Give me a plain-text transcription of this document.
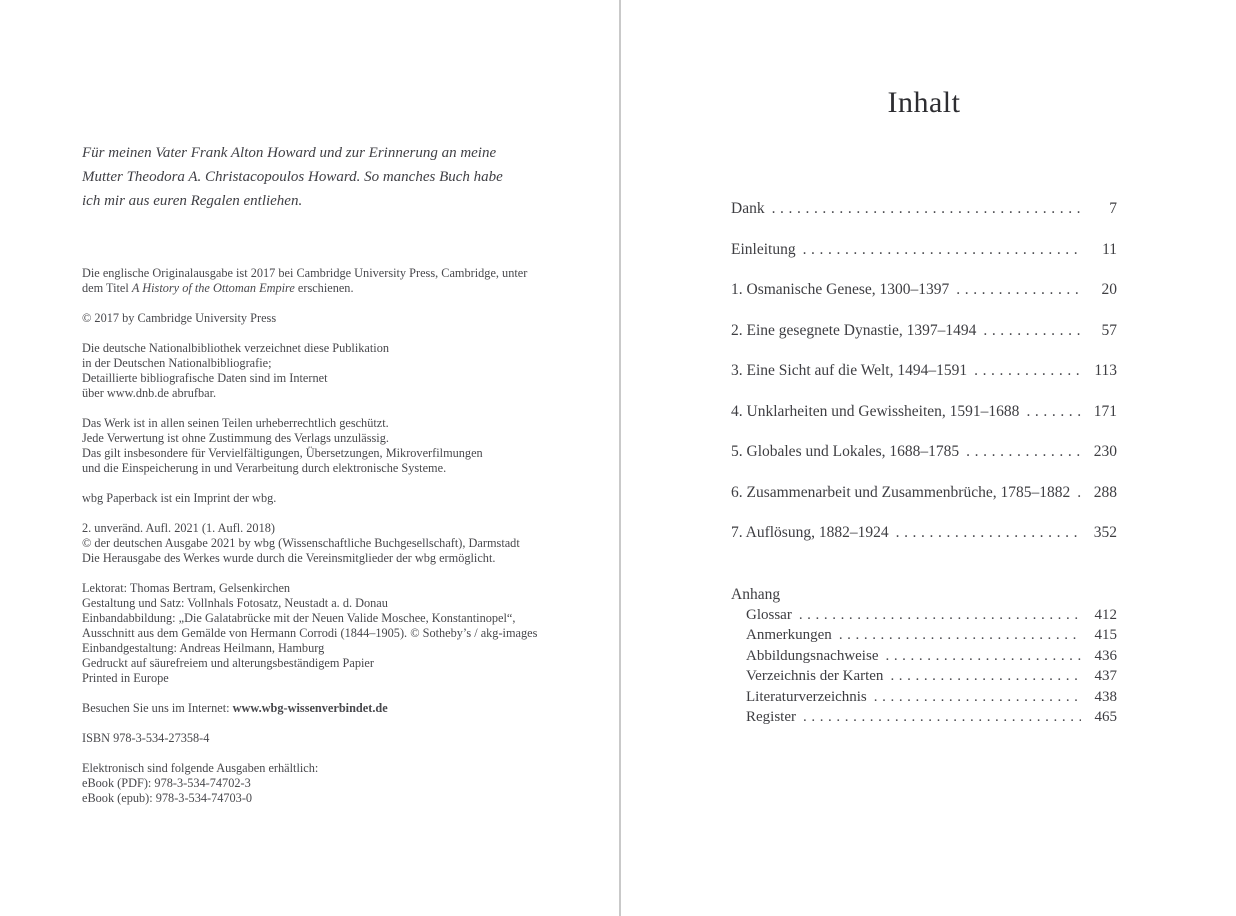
Für meinen Vater Frank Alton Howard und zur Erinnerung an meine
Mutter Theodora A. Christacopoulos Howard. So manches Buch habe
ich mir aus euren Regalen entliehen.
Die englische Originalausgabe ist 2017 bei Cambridge University Press, Cambridge, unter
dem Titel A History of the Ottoman Empire erschienen.
© 2017 by Cambridge University Press
Die deutsche Nationalbibliothek verzeichnet diese Publikation
in der Deutschen Nationalbibliografie;
Detaillierte bibliografische Daten sind im Internet
über www.dnb.de abrufbar.
Das Werk ist in allen seinen Teilen urheberrechtlich geschützt.
Jede Verwertung ist ohne Zustimmung des Verlags unzulässig.
Das gilt insbesondere für Vervielfältigungen, Übersetzungen, Mikroverfilmungen
und die Einspeicherung in und Verarbeitung durch elektronische Systeme.
wbg Paperback ist ein Imprint der wbg.
2. unveränd. Aufl. 2021 (1. Aufl. 2018)
© der deutschen Ausgabe 2021 by wbg (Wissenschaftliche Buchgesellschaft), Darmstadt
Die Herausgabe des Werkes wurde durch die Vereinsmitglieder der wbg ermöglicht.
Lektorat: Thomas Bertram, Gelsenkirchen
Gestaltung und Satz: Vollnhals Fotosatz, Neustadt a. d. Donau
Einbandabbildung: „Die Galatabrücke mit der Neuen Valide Moschee, Konstantinopel“,
Ausschnitt aus dem Gemälde von Hermann Corrodi (1844–1905). © Sotheby’s / akg-images
Einbandgestaltung: Andreas Heilmann, Hamburg
Gedruckt auf säurefreiem und alterungsbeständigem Papier
Printed in Europe
Besuchen Sie uns im Internet: www.wbg-wissenverbindet.de
ISBN 978-3-534-27358-4
Elektronisch sind folgende Ausgaben erhältlich:
eBook (PDF): 978-3-534-74702-3
eBook (epub): 978-3-534-74703-0
Inhalt
Dank .....	7
Einleitung .....	11
1. Osmanische Genese, 1300–1397 .....	20
2. Eine gesegnete Dynastie, 1397–1494 .....	57
3. Eine Sicht auf die Welt, 1494–1591 .....	113
4. Unklarheiten und Gewissheiten, 1591–1688 .....	171
5. Globales und Lokales, 1688–1785 .....	230
6. Zusammenarbeit und Zusammenbrüche, 1785–1882 .....	288
7. Auflösung, 1882–1924 .....	352
Anhang
Glossar .....	412
Anmerkungen .....	415
Abbildungsnachweise .....	436
Verzeichnis der Karten .....	437
Literaturverzeichnis .....	438
Register .....	465
